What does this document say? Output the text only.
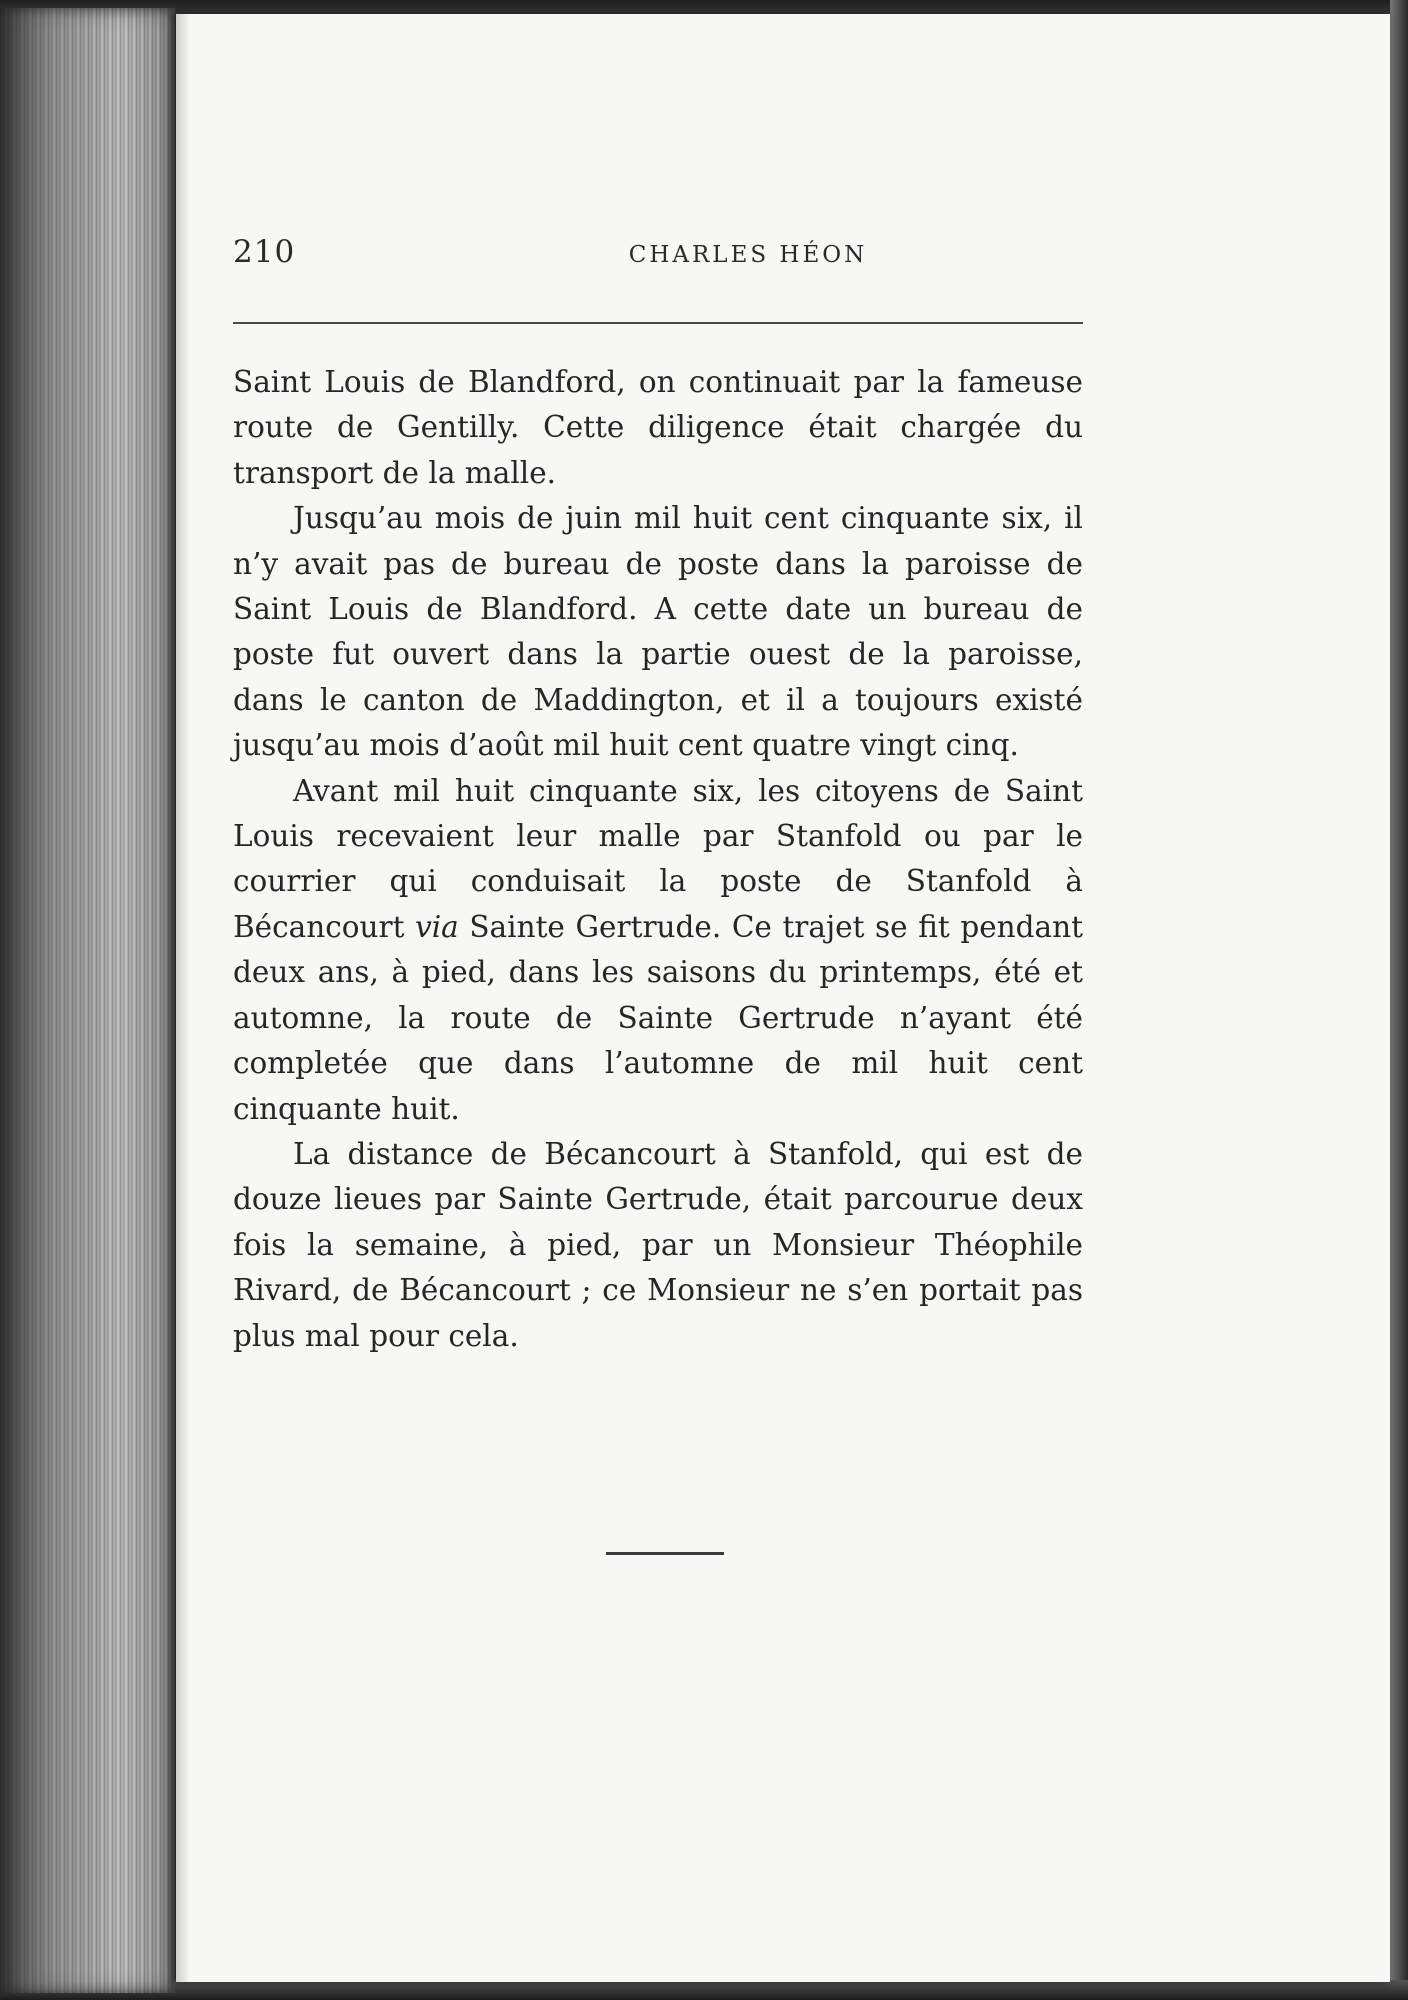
210	CHARLES HÉON

Saint Louis de Blandford, on continuait par la fameuse route de Gentilly. Cette diligence était chargée du transport de la malle.

Jusqu’au mois de juin mil huit cent cinquante six, il n’y avait pas de bureau de poste dans la paroisse de Saint Louis de Blandford. A cette date un bureau de poste fut ouvert dans la partie ouest de la paroisse, dans le canton de Maddington, et il a toujours existé jusqu’au mois d’août mil huit cent quatre vingt cinq.

Avant mil huit cinquante six, les citoyens de Saint Louis recevaient leur malle par Stanfold ou par le courrier qui conduisait la poste de Stanfold à Bécancourt via Sainte Gertrude. Ce trajet se fit pendant deux ans, à pied, dans les saisons du printemps, été et automne, la route de Sainte Gertrude n’ayant été completée que dans l’automne de mil huit cent cinquante huit.

La distance de Bécancourt à Stanfold, qui est de douze lieues par Sainte Gertrude, était parcourue deux fois la semaine, à pied, par un Monsieur Théophile Rivard, de Bécancourt ; ce Monsieur ne s’en portait pas plus mal pour cela.
